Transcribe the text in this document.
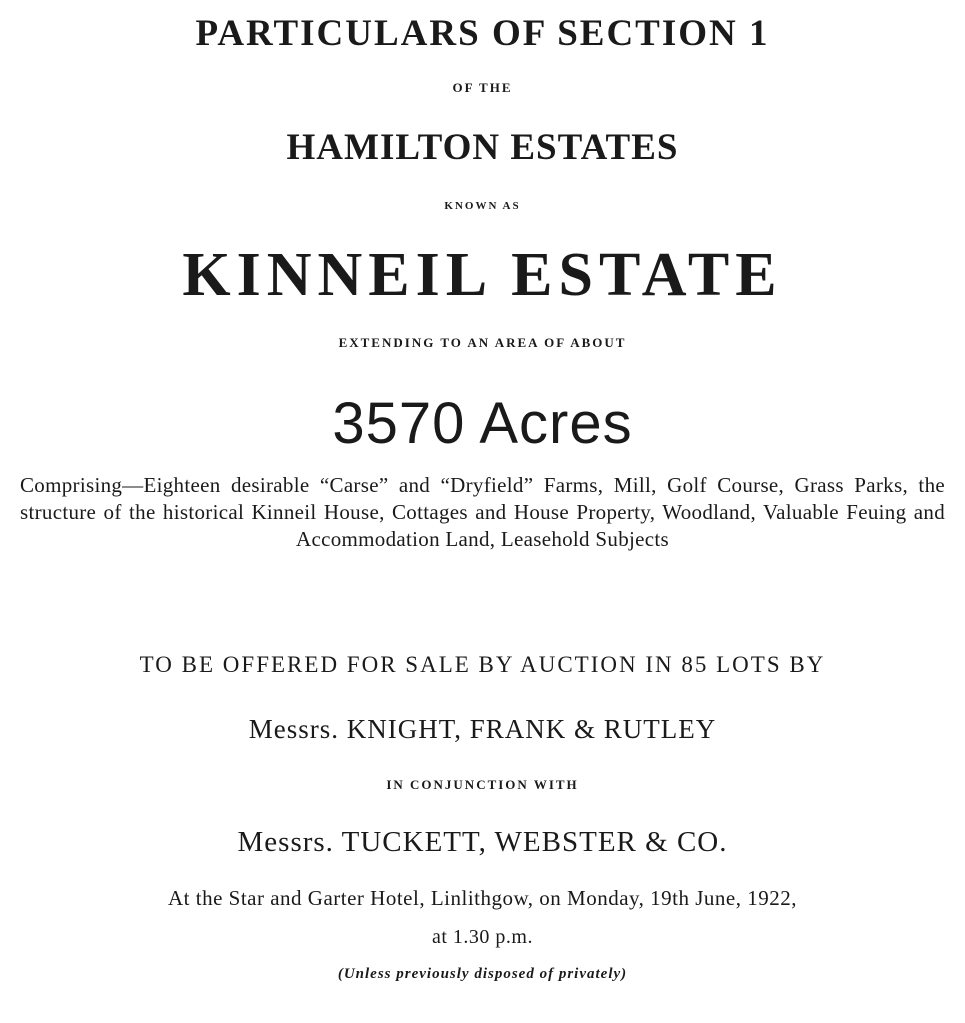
PARTICULARS OF SECTION 1
OF THE
HAMILTON ESTATES
KNOWN AS
KINNEIL ESTATE
EXTENDING TO AN AREA OF ABOUT
3570 Acres
Comprising—Eighteen desirable “Carse” and “Dryfield” Farms, Mill, Golf Course, Grass Parks, the structure of the historical Kinneil House, Cottages and House Property, Woodland, Valuable Feuing and Accommodation Land, Leasehold Subjects
TO BE OFFERED FOR SALE BY AUCTION IN 85 LOTS BY
Messrs. KNIGHT, FRANK & RUTLEY
IN CONJUNCTION WITH
Messrs. TUCKETT, WEBSTER & CO.
At the Star and Garter Hotel, Linlithgow, on Monday, 19th June, 1922,
at 1.30 p.m.
(Unless previously disposed of privately)
